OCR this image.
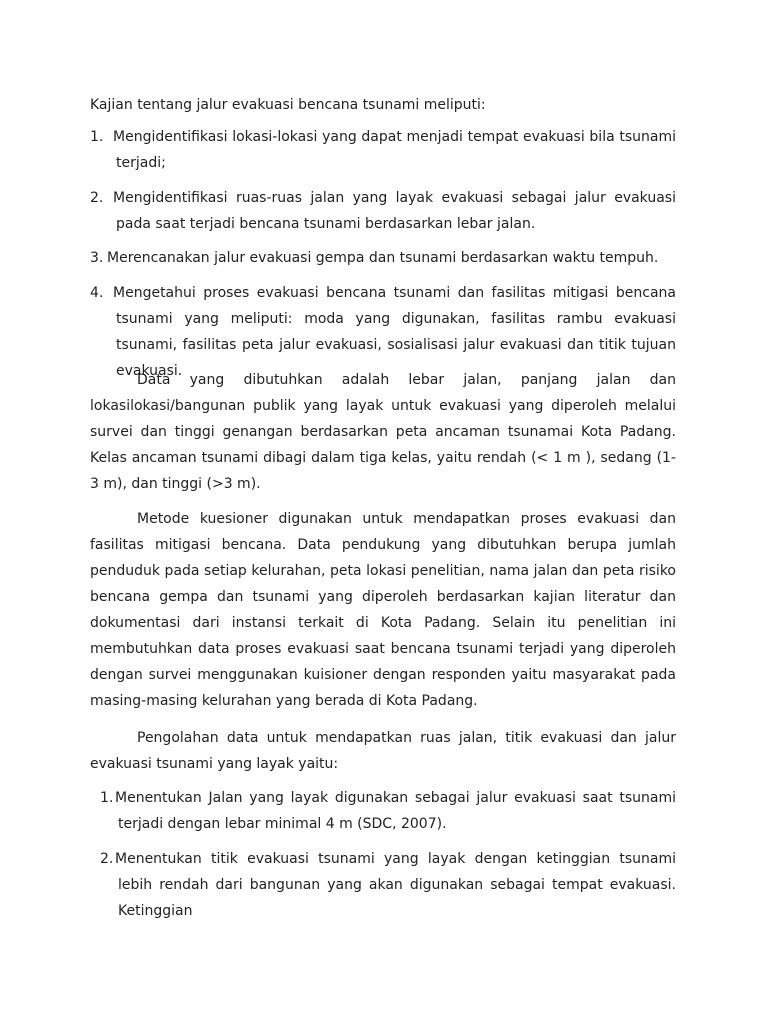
Kajian tentang jalur evakuasi bencana tsunami meliputi:

1. Mengidentifikasi lokasi-lokasi yang dapat menjadi tempat evakuasi bila tsunami terjadi;
2. Mengidentifikasi ruas-ruas jalan yang layak evakuasi sebagai jalur evakuasi pada saat terjadi bencana tsunami berdasarkan lebar jalan.
3. Merencanakan jalur evakuasi gempa dan tsunami berdasarkan waktu tempuh.
4. Mengetahui proses evakuasi bencana tsunami dan fasilitas mitigasi bencana tsunami yang meliputi: moda yang digunakan, fasilitas rambu evakuasi tsunami, fasilitas peta jalur evakuasi, sosialisasi jalur evakuasi dan titik tujuan evakuasi.

Data yang dibutuhkan adalah lebar jalan, panjang jalan dan lokasilokasi/bangunan publik yang layak untuk evakuasi yang diperoleh melalui survei dan tinggi genangan berdasarkan peta ancaman tsunamai Kota Padang. Kelas ancaman tsunami dibagi dalam tiga kelas, yaitu rendah (< 1 m ), sedang (1-3 m), dan tinggi (>3 m).

Metode kuesioner digunakan untuk mendapatkan proses evakuasi dan fasilitas mitigasi bencana. Data pendukung yang dibutuhkan berupa jumlah penduduk pada setiap kelurahan, peta lokasi penelitian, nama jalan dan peta risiko bencana gempa dan tsunami yang diperoleh berdasarkan kajian literatur dan dokumentasi dari instansi terkait di Kota Padang. Selain itu penelitian ini membutuhkan data proses evakuasi saat bencana tsunami terjadi yang diperoleh dengan survei menggunakan kuisioner dengan responden yaitu masyarakat pada masing-masing kelurahan yang berada di Kota Padang.

Pengolahan data untuk mendapatkan ruas jalan, titik evakuasi dan jalur evakuasi tsunami yang layak yaitu:

1. Menentukan Jalan yang layak digunakan sebagai jalur evakuasi saat tsunami terjadi dengan lebar minimal 4 m (SDC, 2007).
2. Menentukan titik evakuasi tsunami yang layak dengan ketinggian tsunami lebih rendah dari bangunan yang akan digunakan sebagai tempat evakuasi. Ketinggian
